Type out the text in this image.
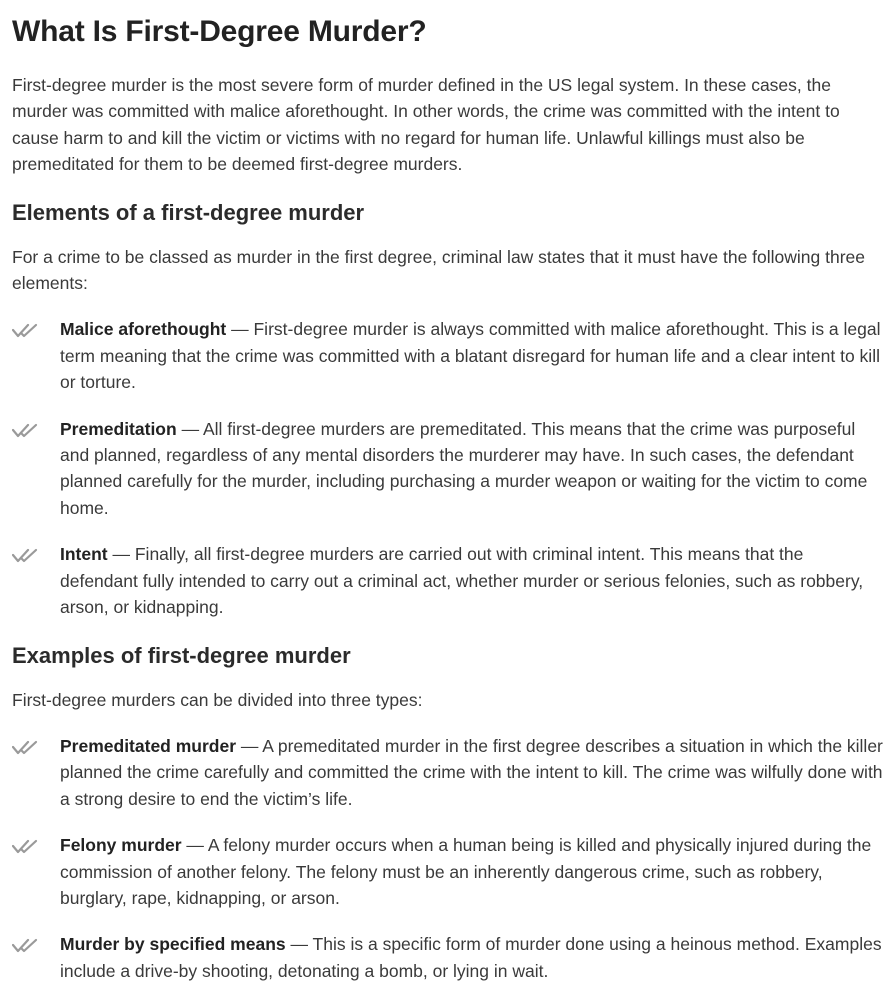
What Is First-Degree Murder?

First-degree murder is the most severe form of murder defined in the US legal system. In these cases, the murder was committed with malice aforethought. In other words, the crime was committed with the intent to cause harm to and kill the victim or victims with no regard for human life. Unlawful killings must also be premeditated for them to be deemed first-degree murders.

Elements of a first-degree murder

For a crime to be classed as murder in the first degree, criminal law states that it must have the following three elements:

Malice aforethought — First-degree murder is always committed with malice aforethought. This is a legal term meaning that the crime was committed with a blatant disregard for human life and a clear intent to kill or torture.
Premeditation — All first-degree murders are premeditated. This means that the crime was purposeful and planned, regardless of any mental disorders the murderer may have. In such cases, the defendant planned carefully for the murder, including purchasing a murder weapon or waiting for the victim to come home.
Intent — Finally, all first-degree murders are carried out with criminal intent. This means that the defendant fully intended to carry out a criminal act, whether murder or serious felonies, such as robbery, arson, or kidnapping.
Examples of first-degree murder

First-degree murders can be divided into three types:

Premeditated murder — A premeditated murder in the first degree describes a situation in which the killer planned the crime carefully and committed the crime with the intent to kill. The crime was wilfully done with a strong desire to end the victim’s life.
Felony murder — A felony murder occurs when a human being is killed and physically injured during the commission of another felony. The felony must be an inherently dangerous crime, such as robbery, burglary, rape, kidnapping, or arson.
Murder by specified means — This is a specific form of murder done using a heinous method. Examples include a drive-by shooting, detonating a bomb, or lying in wait.
